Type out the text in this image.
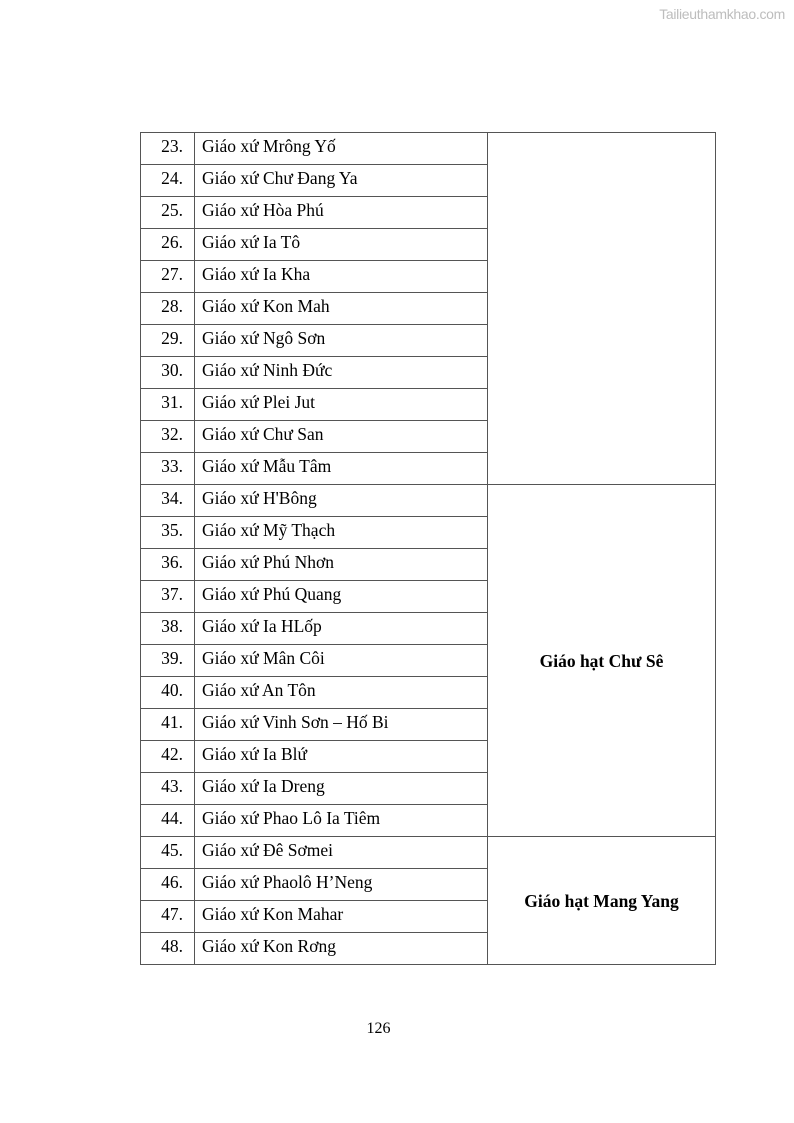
Tailieuthamkhao.com
23.	Giáo xứ Mrông Yố	
24.	Giáo xứ Chư Đang Ya	
25.	Giáo xứ Hòa Phú	
26.	Giáo xứ Ia Tô	
27.	Giáo xứ Ia Kha	
28.	Giáo xứ Kon Mah	
29.	Giáo xứ Ngô Sơn	
30.	Giáo xứ Ninh Đức	
31.	Giáo xứ Plei Jut	
32.	Giáo xứ Chư San	
33.	Giáo xứ Mẫu Tâm	
34.	Giáo xứ H'Bông	Giáo hạt Chư Sê
35.	Giáo xứ Mỹ Thạch	
36.	Giáo xứ Phú Nhơn	
37.	Giáo xứ Phú Quang	
38.	Giáo xứ Ia HLốp	
39.	Giáo xứ Mân Côi	
40.	Giáo xứ An Tôn	
41.	Giáo xứ Vinh Sơn – Hố Bi	
42.	Giáo xứ Ia Blứ	
43.	Giáo xứ Ia Dreng	
44.	Giáo xứ Phao Lô Ia Tiêm	
45.	Giáo xứ Đê Sơmei	Giáo hạt Mang Yang
46.	Giáo xứ Phaolô H’Neng	
47.	Giáo xứ Kon Mahar	
48.	Giáo xứ Kon Rơng	
126
